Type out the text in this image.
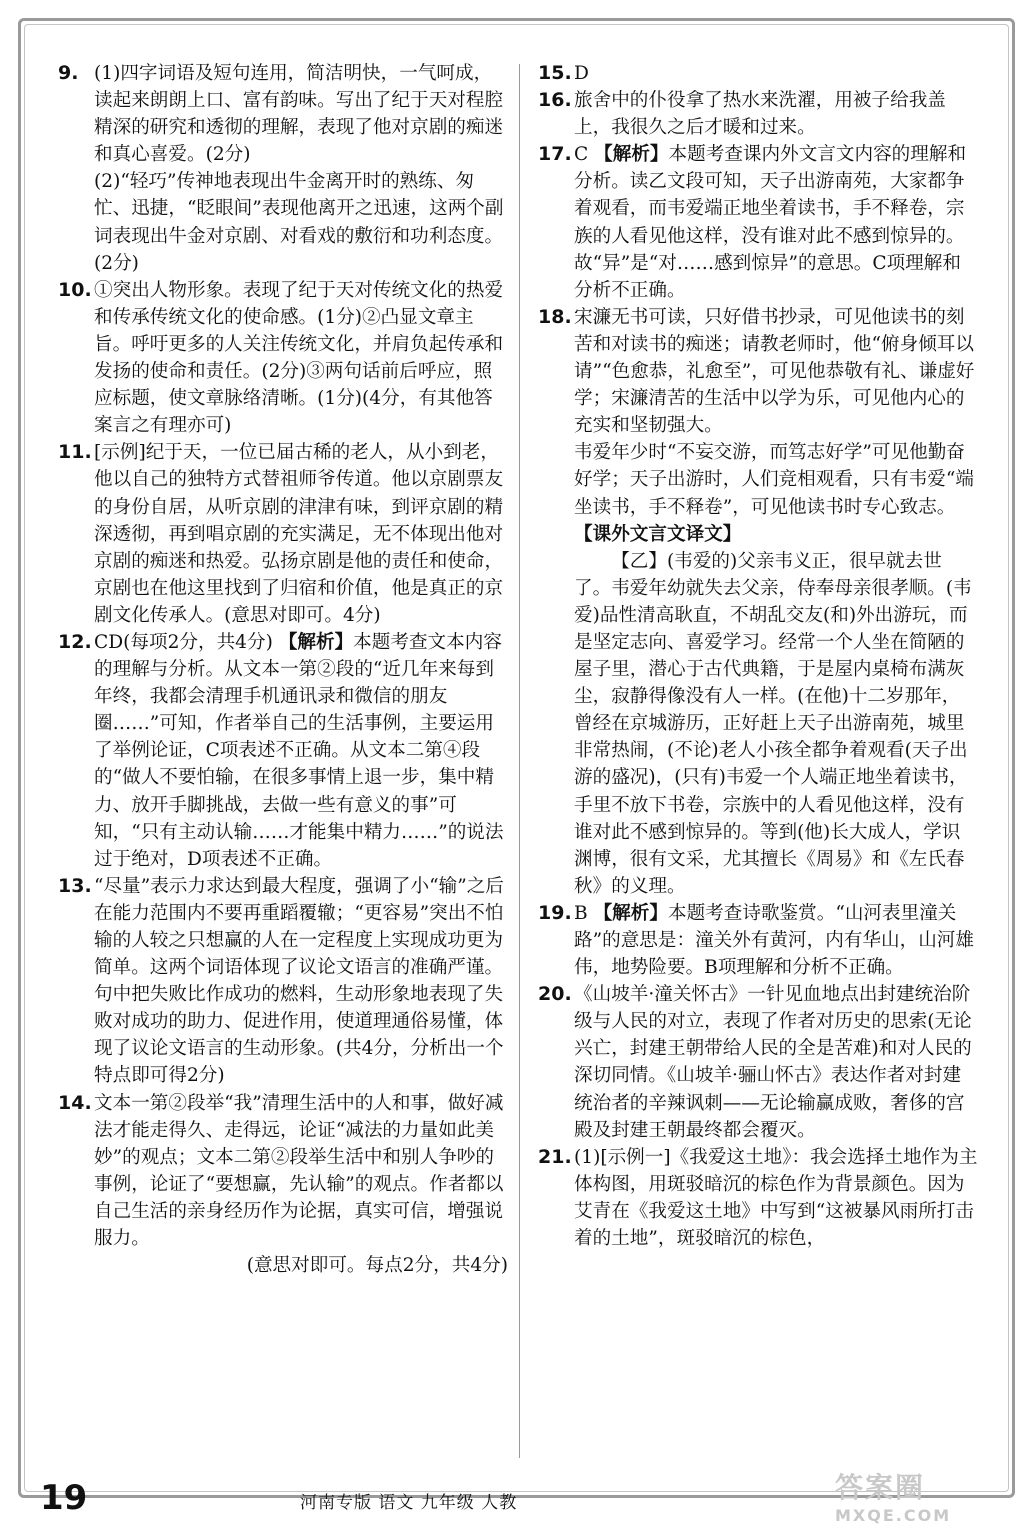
9. (1)四字词语及短句连用，简洁明快，一气呵成，读起来朗朗上口、富有韵味。写出了纪于天对程腔精深的研究和透彻的理解，表现了他对京剧的痴迷和真心喜爱。(2分)

(2)“轻巧”传神地表现出牛金离开时的熟练、匆忙、迅捷，“眨眼间”表现他离开之迅速，这两个副词表现出牛金对京剧、对看戏的敷衍和功利态度。(2分)

10. ①突出人物形象。表现了纪于天对传统文化的热爱和传承传统文化的使命感。(1分)②凸显文章主旨。呼吁更多的人关注传统文化，并肩负起传承和发扬的使命和责任。(2分)③两句话前后呼应，照应标题，使文章脉络清晰。(1分)(4分，有其他答案言之有理亦可)

11. [示例]纪于天，一位已届古稀的老人，从小到老，他以自己的独特方式替祖师爷传道。他以京剧票友的身份自居，从听京剧的津津有味，到评京剧的精深透彻，再到唱京剧的充实满足，无不体现出他对京剧的痴迷和热爱。弘扬京剧是他的责任和使命，京剧也在他这里找到了归宿和价值，他是真正的京剧文化传承人。(意思对即可。4分)

12. CD(每项2分，共4分) 【解析】本题考查文本内容的理解与分析。从文本一第②段的“近几年来每到年终，我都会清理手机通讯录和微信的朋友圈……”可知，作者举自己的生活事例，主要运用了举例论证，C项表述不正确。从文本二第④段的“做人不要怕输，在很多事情上退一步，集中精力、放开手脚挑战，去做一些有意义的事”可知，“只有主动认输……才能集中精力……”的说法过于绝对，D项表述不正确。

13. “尽量”表示力求达到最大程度，强调了小“输”之后在能力范围内不要再重蹈覆辙；“更容易”突出不怕输的人较之只想赢的人在一定程度上实现成功更为简单。这两个词语体现了议论文语言的准确严谨。句中把失败比作成功的燃料，生动形象地表现了失败对成功的助力、促进作用，使道理通俗易懂，体现了议论文语言的生动形象。(共4分，分析出一个特点即可得2分)

14. 文本一第②段举“我”清理生活中的人和事，做好减法才能走得久、走得远，论证“减法的力量如此美妙”的观点；文本二第②段举生活中和别人争吵的事例，论证了“要想赢，先认输”的观点。作者都以自己生活的亲身经历作为论据，真实可信，增强说服力。

(意思对即可。每点2分，共4分)

15. D

16. 旅舍中的仆役拿了热水来洗濯，用被子给我盖上，我很久之后才暖和过来。

17. C 【解析】本题考查课内外文言文内容的理解和分析。读乙文段可知，天子出游南苑，大家都争着观看，而韦爱端正地坐着读书，手不释卷，宗族的人看见他这样，没有谁对此不感到惊异的。故“异”是“对……感到惊异”的意思。C项理解和分析不正确。

18. 宋濂无书可读，只好借书抄录，可见他读书的刻苦和对读书的痴迷；请教老师时，他“俯身倾耳以请”“色愈恭，礼愈至”，可见他恭敬有礼、谦虚好学；宋濂清苦的生活中以学为乐，可见他内心的充实和坚韧强大。

韦爱年少时“不妄交游，而笃志好学”可见他勤奋好学；天子出游时，人们竞相观看，只有韦爱“端坐读书，手不释卷”，可见他读书时专心致志。

【课外文言文译文】

【乙】(韦爱的)父亲韦义正，很早就去世了。韦爱年幼就失去父亲，侍奉母亲很孝顺。(韦爱)品性清高耿直，不胡乱交友(和)外出游玩，而是坚定志向、喜爱学习。经常一个人坐在简陋的屋子里，潜心于古代典籍，于是屋内桌椅布满灰尘，寂静得像没有人一样。(在他)十二岁那年，曾经在京城游历，正好赶上天子出游南苑，城里非常热闹，(不论)老人小孩全都争着观看(天子出游的盛况)，(只有)韦爱一个人端正地坐着读书，手里不放下书卷，宗族中的人看见他这样，没有谁对此不感到惊异的。等到(他)长大成人，学识渊博，很有文采，尤其擅长《周易》和《左氏春秋》的义理。

19. B 【解析】本题考查诗歌鉴赏。“山河表里潼关路”的意思是：潼关外有黄河，内有华山，山河雄伟，地势险要。B项理解和分析不正确。

20. 《山坡羊·潼关怀古》一针见血地点出封建统治阶级与人民的对立，表现了作者对历史的思索(无论兴亡，封建王朝带给人民的全是苦难)和对人民的深切同情。《山坡羊·骊山怀古》表达作者对封建统治者的辛辣讽刺——无论输赢成败，奢侈的宫殿及封建王朝最终都会覆灭。

21. (1)[示例一]《我爱这土地》：我会选择土地作为主体构图，用斑驳暗沉的棕色作为背景颜色。因为艾青在《我爱这土地》中写到“这被暴风雨所打击着的土地”，斑驳暗沉的棕色，

19	河南专版 语文 九年级 人教	答案圈
MXQE.COM
